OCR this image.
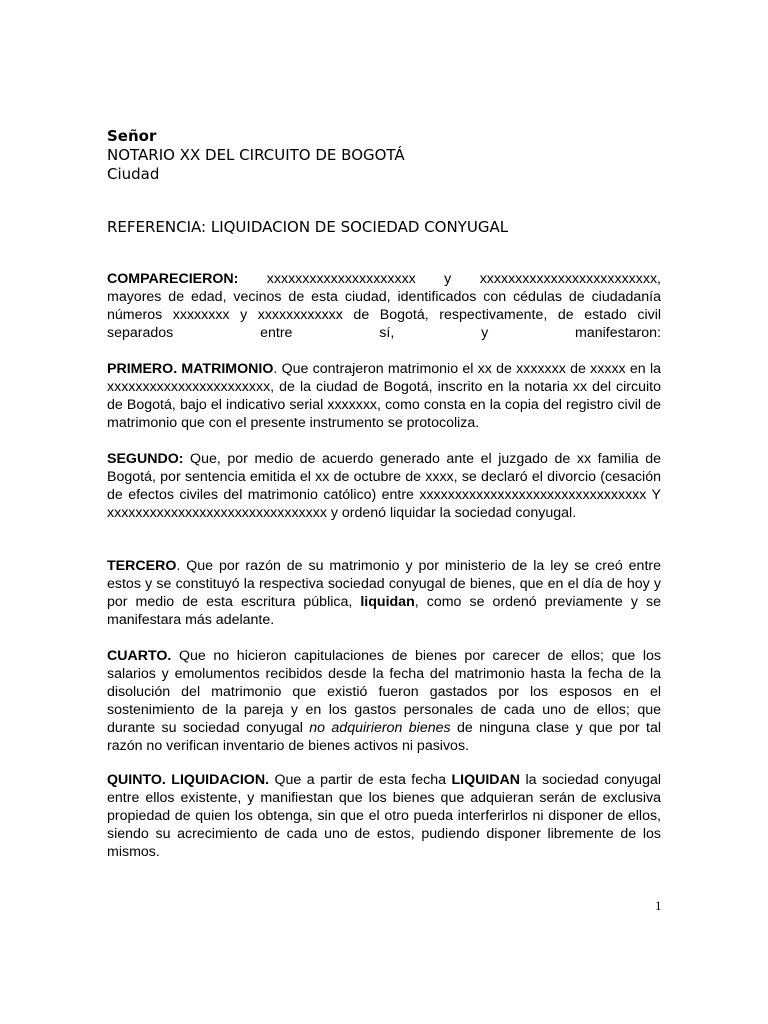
Señor
NOTARIO XX DEL CIRCUITO DE BOGOTÁ
Ciudad
REFERENCIA: LIQUIDACION DE SOCIEDAD CONYUGAL

COMPARECIERON: xxxxxxxxxxxxxxxxxxxxx y xxxxxxxxxxxxxxxxxxxxxxxxx,
mayores de edad, vecinos de esta ciudad, identificados con cédulas de ciudadanía números xxxxxxxx y xxxxxxxxxxxx de Bogotá, respectivamente, de estado civil separados entre sí, y manifestaron:

PRIMERO. MATRIMONIO. Que contrajeron matrimonio el xx de xxxxxxx de xxxxx en la xxxxxxxxxxxxxxxxxxxxxxx, de la ciudad de Bogotá, inscrito en la notaria xx del circuito de Bogotá, bajo el indicativo serial xxxxxxx, como consta en la copia del registro civil de matrimonio que con el presente instrumento se protocoliza.

SEGUNDO: Que, por medio de acuerdo generado ante el juzgado de xx familia de Bogotá, por sentencia emitida el xx de octubre de xxxx, se declaró el divorcio (cesación de efectos civiles del matrimonio católico) entre xxxxxxxxxxxxxxxxxxxxxxxxxxxxxxxx Y xxxxxxxxxxxxxxxxxxxxxxxxxxxxxxx y ordenó liquidar la sociedad conyugal.

TERCERO. Que por razón de su matrimonio y por ministerio de la ley se creó entre estos y se constituyó la respectiva sociedad conyugal de bienes, que en el día de hoy y por medio de esta escritura pública, liquidan, como se ordenó previamente y se manifestara más adelante.

CUARTO. Que no hicieron capitulaciones de bienes por carecer de ellos; que los salarios y emolumentos recibidos desde la fecha del matrimonio hasta la fecha de la disolución del matrimonio que existió fueron gastados por los esposos en el sostenimiento de la pareja y en los gastos personales de cada uno de ellos; que durante su sociedad conyugal no adquirieron bienes de ninguna clase y que por tal razón no verifican inventario de bienes activos ni pasivos.

QUINTO. LIQUIDACION. Que a partir de esta fecha LIQUIDAN la sociedad conyugal entre ellos existente, y manifiestan que los bienes que adquieran serán de exclusiva propiedad de quien los obtenga, sin que el otro pueda interferirlos ni disponer de ellos, siendo su acrecimiento de cada uno de estos, pudiendo disponer libremente de los mismos.

1
